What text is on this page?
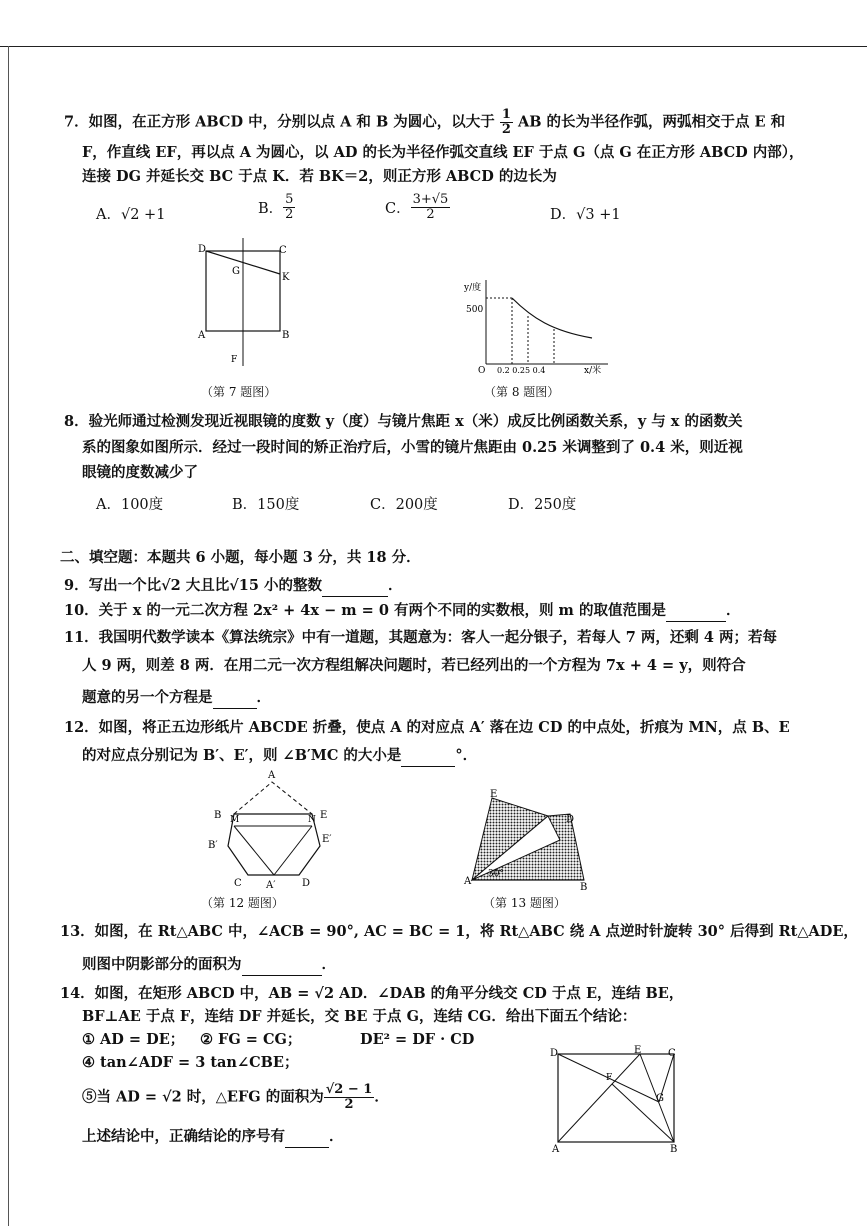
7．如图，在正方形 ABCD 中，分别以点 A 和 B 为圆心，以大于 $\frac{1}{2}$ AB 的长为半径作弧，两弧相交于点 E 和
F，作直线 EF，再以点 A 为圆心，以 AD 的长为半径作弧交直线 EF 于点 G（点 G 在正方形 ABCD 内部），
连接 DG 并延长交 BC 于点 K．若 BK＝2，则正方形 ABCD 的边长为
A．√2 +1	B． $\frac{5}{2}$	C． $\frac{3+√5}{2}$	D．√3 +1
D	C
G
K
A	B
F
（第 7 题图）
y/度
500
O 0.2 0.25 0.4	x/米
（第 8 题图）
8．验光师通过检测发现近视眼镜的度数 y（度）与镜片焦距 x（米）成反比例函数关系，y 与 x 的函数关
系的图象如图所示．经过一段时间的矫正治疗后，小雪的镜片焦距由 0.25 米调整到了 0.4 米，则近视
眼镜的度数减少了
A．100度	B．150度	C．200度	D．250度
二、填空题：本题共 6 小题，每小题 3 分，共 18 分．
9．写出一个比√2 大且比√15 小的整数	．
10．关于 x 的一元二次方程 2x² + 4x − m = 0 有两个不同的实数根，则 m 的取值范围是	．
11．我国明代数学读本《算法统宗》中有一道题，其题意为：客人一起分银子，若每人 7 两，还剩 4 两；若每
人 9 两，则差 8 两．在用二元一次方程组解决问题时，若已经列出的一个方程为 7x + 4 = y，则符合
题意的另一个方程是	．
12．如图，将正五边形纸片 ABCDE 折叠，使点 A 的对应点 A′ 落在边 CD 的中点处，折痕为 MN，点 B、E
的对应点分别记为 B′、E′，则 ∠B′MC 的大小是	°．
A
B M	N E
B′
E′
C A′	D
（第 12 题图）
E
D
A
B
30°
（第 13 题图）
13．如图，在 Rt△ABC 中，∠ACB = 90°, AC = BC = 1，将 Rt△ABC 绕 A 点逆时针旋转 30° 后得到 Rt△ADE，
则图中阴影部分的面积为	．
14．如图，在矩形 ABCD 中，AB = √2 AD．∠DAB 的角平分线交 CD 于点 E，连结 BE，
BF⊥AE 于点 F，连结 DF 并延长，交 BE 于点 G，连结 CG．给出下面五个结论：
① AD = DE； ② FG = CG；	DE² = DF · CD
④ tan∠ADF = 3 tan∠CBE；
⑤当 AD = √2 时，△EFG 的面积为 $\frac{√2 - 1}{2}$ ．
上述结论中，正确结论的序号有	．
D	E	C
F
G
A	B
